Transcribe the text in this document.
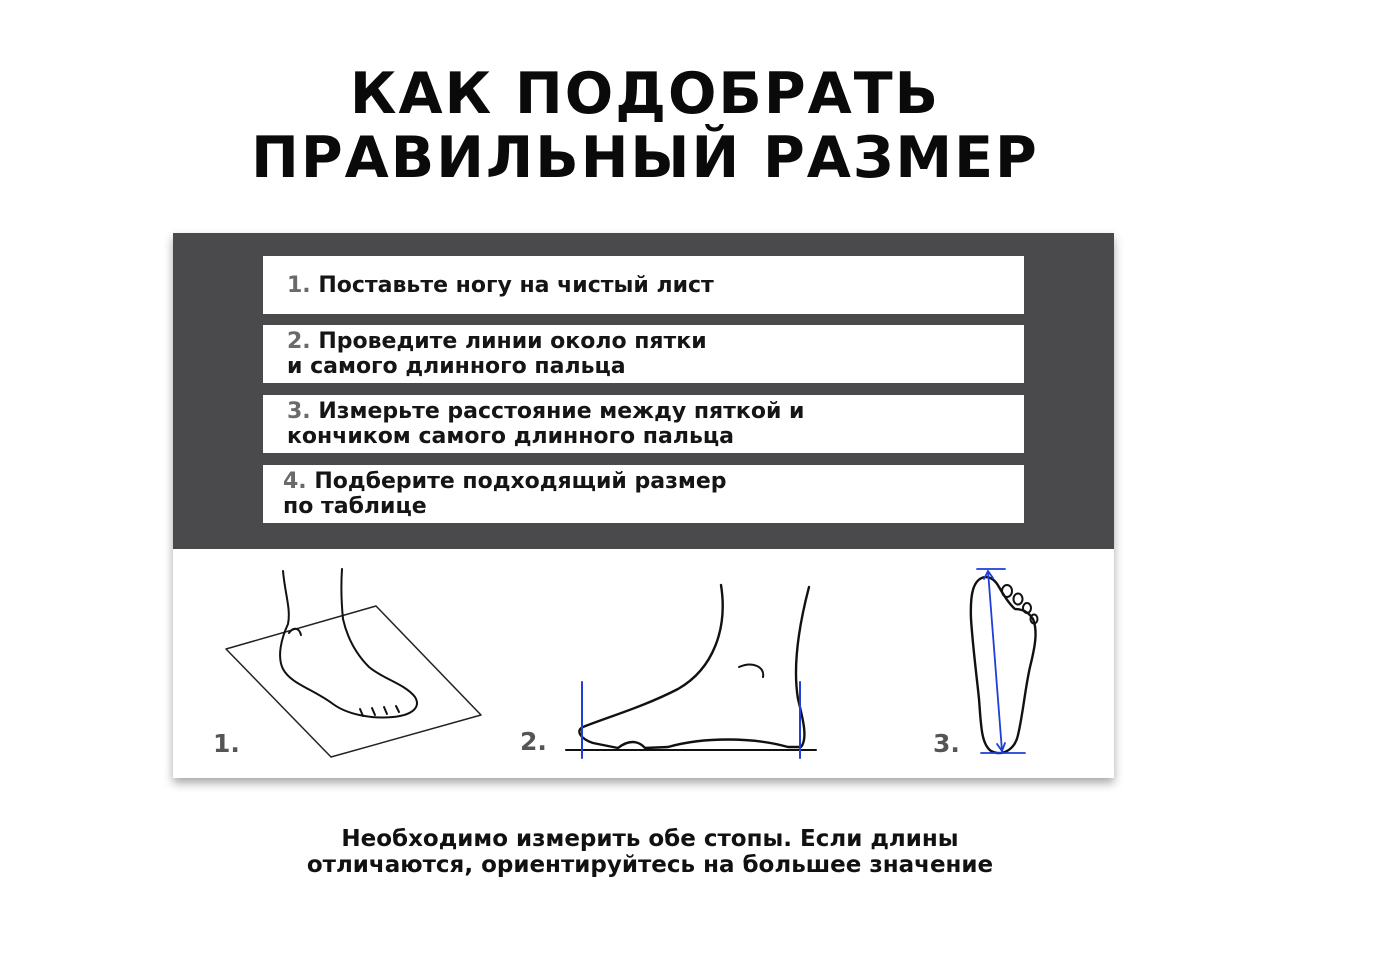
КАК ПОДОБРАТЬ
ПРАВИЛЬНЫЙ РАЗМЕР
1. Поставьте ногу на чистый лист
2. Проведите линии около пятки
и самого длинного пальца
3. Измерьте расстояние между пяткой и
кончиком самого длинного пальца
4. Подберите подходящий размер
по таблице
1.	2.	3.
Необходимо измерить обе стопы. Если длины
отличаются, ориентируйтесь на большее значение
